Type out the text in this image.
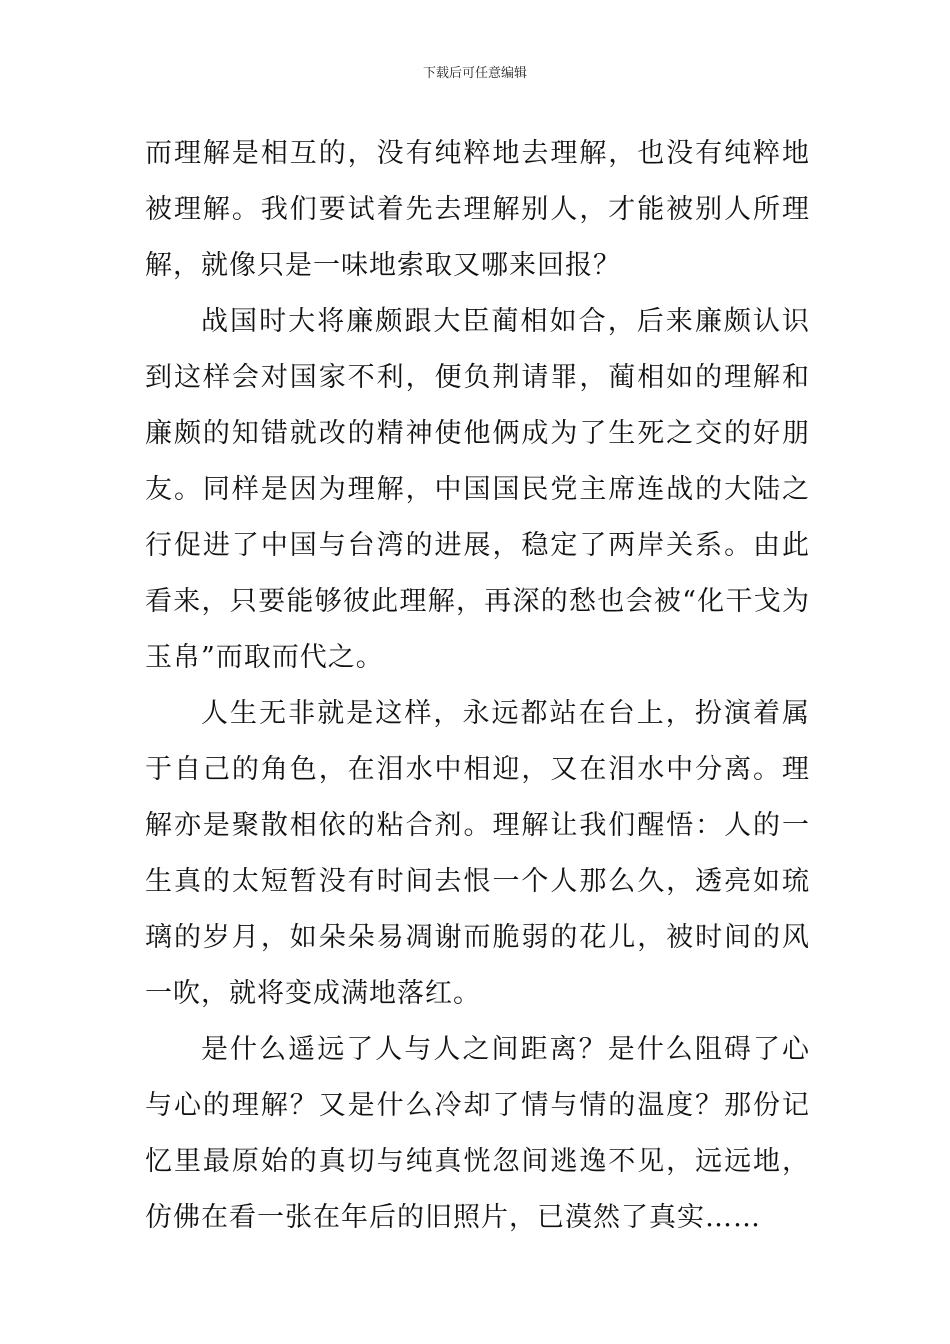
下载后可任意编辑

而理解是相互的，没有纯粹地去理解，也没有纯粹地被理解。我们要试着先去理解别人，才能被别人所理解，就像只是一味地索取又哪来回报？

战国时大将廉颇跟大臣蔺相如合，后来廉颇认识到这样会对国家不利，便负荆请罪，蔺相如的理解和廉颇的知错就改的精神使他俩成为了生死之交的好朋友。同样是因为理解，中国国民党主席连战的大陆之行促进了中国与台湾的进展，稳定了两岸关系。由此看来，只要能够彼此理解，再深的愁也会被“化干戈为玉帛”而取而代之。

人生无非就是这样，永远都站在台上，扮演着属于自己的角色，在泪水中相迎，又在泪水中分离。理解亦是聚散相依的粘合剂。理解让我们醒悟：人的一生真的太短暂没有时间去恨一个人那么久，透亮如琉璃的岁月，如朵朵易凋谢而脆弱的花儿，被时间的风一吹，就将变成满地落红。

是什么遥远了人与人之间距离？是什么阻碍了心与心的理解？又是什么冷却了情与情的温度？那份记忆里最原始的真切与纯真恍忽间逃逸不见，远远地，仿佛在看一张在年后的旧照片，已漠然了真实……
